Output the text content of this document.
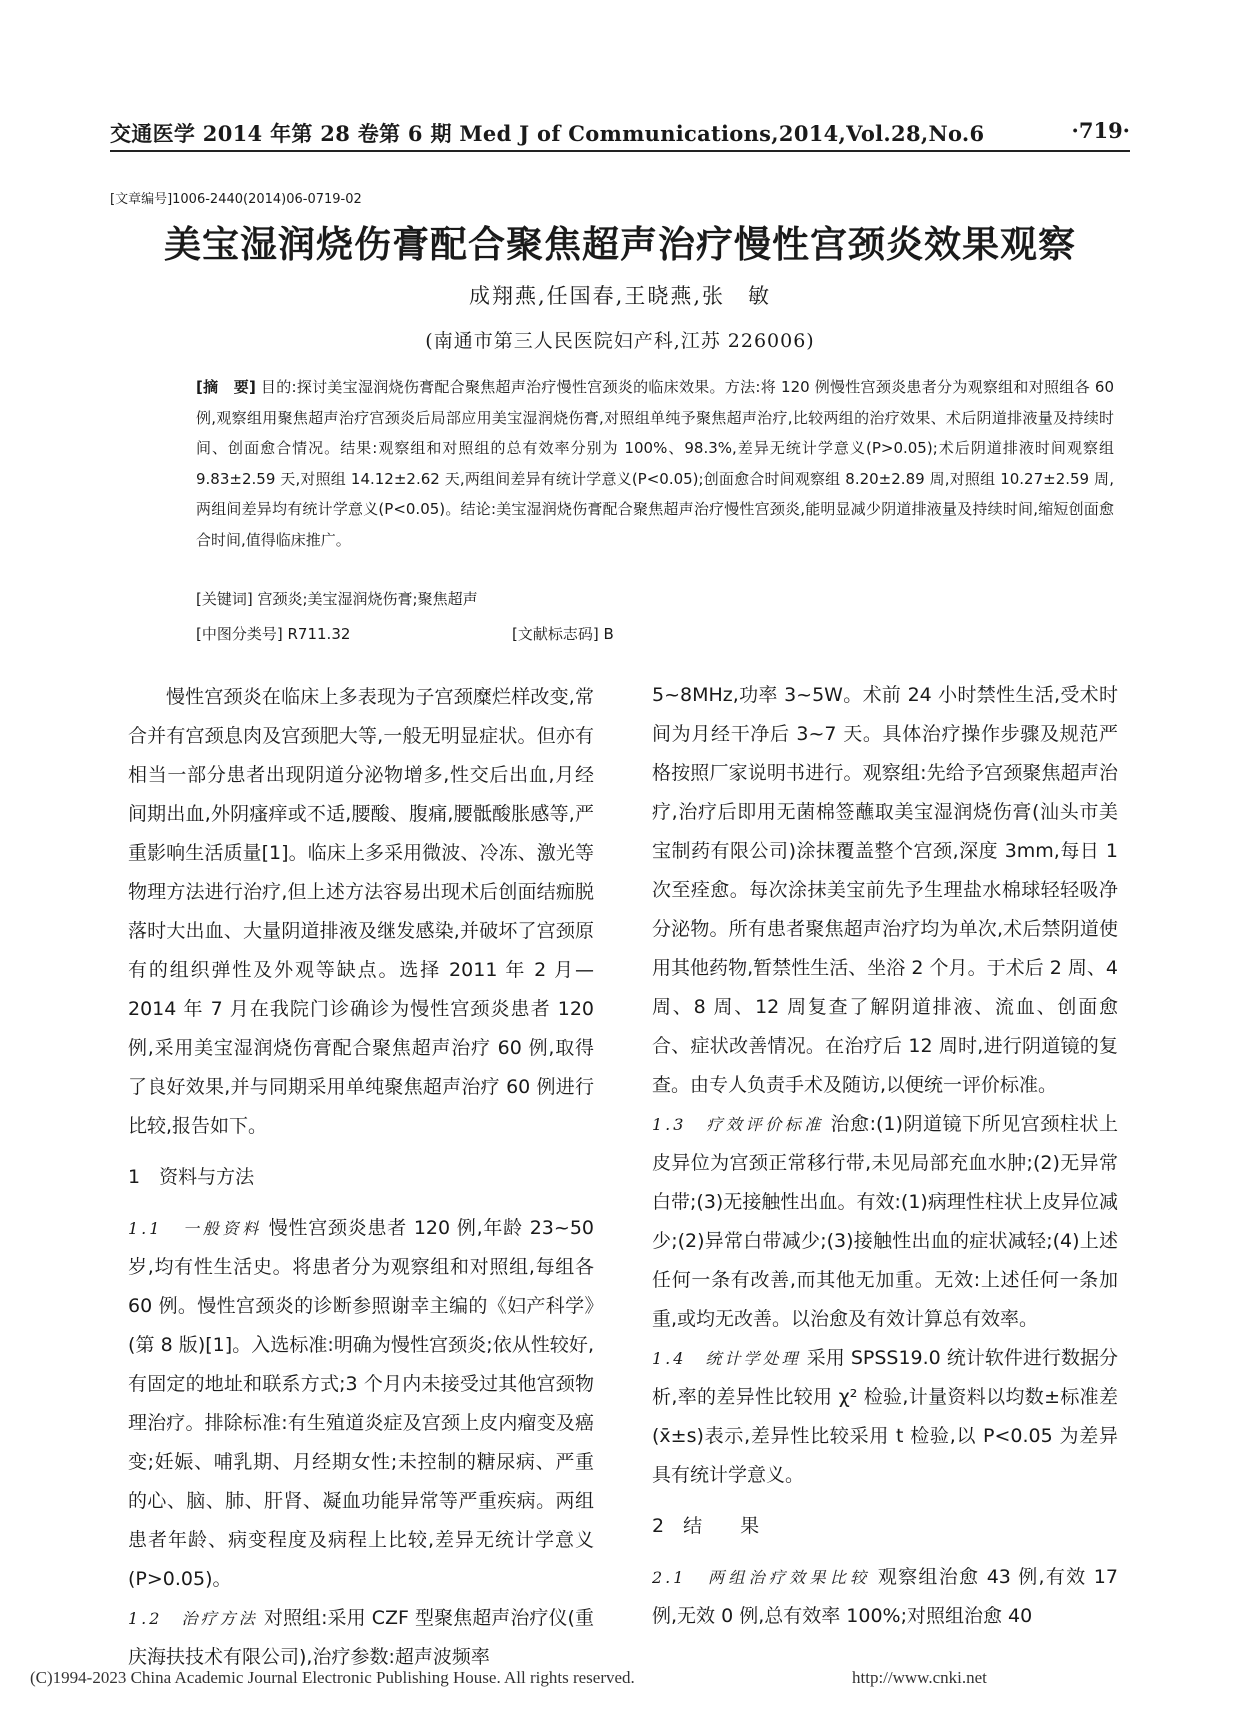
交通医学 2014 年第 28 卷第 6 期 Med J of Communications,2014,Vol.28,No.6	·719·
[文章编号]1006-2440(2014)06-0719-02
美宝湿润烧伤膏配合聚焦超声治疗慢性宫颈炎效果观察
成翔燕,任国春,王晓燕,张　敏
(南通市第三人民医院妇产科,江苏 226006)
[摘　要] 目的:探讨美宝湿润烧伤膏配合聚焦超声治疗慢性宫颈炎的临床效果。方法:将 120 例慢性宫颈炎患者分为观察组和对照组各 60 例,观察组用聚焦超声治疗宫颈炎后局部应用美宝湿润烧伤膏,对照组单纯予聚焦超声治疗,比较两组的治疗效果、术后阴道排液量及持续时间、创面愈合情况。结果:观察组和对照组的总有效率分别为 100%、98.3%,差异无统计学意义(P>0.05);术后阴道排液时间观察组 9.83±2.59 天,对照组 14.12±2.62 天,两组间差异有统计学意义(P<0.05);创面愈合时间观察组 8.20±2.89 周,对照组 10.27±2.59 周,两组间差异均有统计学意义(P<0.05)。结论:美宝湿润烧伤膏配合聚焦超声治疗慢性宫颈炎,能明显减少阴道排液量及持续时间,缩短创面愈合时间,值得临床推广。
[关键词] 宫颈炎;美宝湿润烧伤膏;聚焦超声
[中图分类号] R711.32	[文献标志码] B

慢性宫颈炎在临床上多表现为子宫颈糜烂样改变,常合并有宫颈息肉及宫颈肥大等,一般无明显症状。但亦有相当一部分患者出现阴道分泌物增多,性交后出血,月经间期出血,外阴瘙痒或不适,腰酸、腹痛,腰骶酸胀感等,严重影响生活质量[1]。临床上多采用微波、冷冻、激光等物理方法进行治疗,但上述方法容易出现术后创面结痂脱落时大出血、大量阴道排液及继发感染,并破坏了宫颈原有的组织弹性及外观等缺点。选择 2011 年 2 月—2014 年 7 月在我院门诊确诊为慢性宫颈炎患者 120 例,采用美宝湿润烧伤膏配合聚焦超声治疗 60 例,取得了良好效果,并与同期采用单纯聚焦超声治疗 60 例进行比较,报告如下。

1　资料与方法

1.1　一般资料 慢性宫颈炎患者 120 例,年龄 23~50 岁,均有性生活史。将患者分为观察组和对照组,每组各 60 例。慢性宫颈炎的诊断参照谢幸主编的《妇产科学》(第 8 版)[1]。入选标准:明确为慢性宫颈炎;依从性较好,有固定的地址和联系方式;3 个月内未接受过其他宫颈物理治疗。排除标准:有生殖道炎症及宫颈上皮内瘤变及癌变;妊娠、哺乳期、月经期女性;未控制的糖尿病、严重的心、脑、肺、肝肾、凝血功能异常等严重疾病。两组患者年龄、病变程度及病程上比较,差异无统计学意义(P>0.05)。

1.2　治疗方法 对照组:采用 CZF 型聚焦超声治疗仪(重庆海扶技术有限公司),治疗参数:超声波频率

5~8MHz,功率 3~5W。术前 24 小时禁性生活,受术时间为月经干净后 3~7 天。具体治疗操作步骤及规范严格按照厂家说明书进行。观察组:先给予宫颈聚焦超声治疗,治疗后即用无菌棉签蘸取美宝湿润烧伤膏(汕头市美宝制药有限公司)涂抹覆盖整个宫颈,深度 3mm,每日 1 次至痊愈。每次涂抹美宝前先予生理盐水棉球轻轻吸净分泌物。所有患者聚焦超声治疗均为单次,术后禁阴道使用其他药物,暂禁性生活、坐浴 2 个月。于术后 2 周、4 周、8 周、12 周复查了解阴道排液、流血、创面愈合、症状改善情况。在治疗后 12 周时,进行阴道镜的复查。由专人负责手术及随访,以便统一评价标准。

1.3　疗效评价标准 治愈:(1)阴道镜下所见宫颈柱状上皮异位为宫颈正常移行带,未见局部充血水肿;(2)无异常白带;(3)无接触性出血。有效:(1)病理性柱状上皮异位减少;(2)异常白带减少;(3)接触性出血的症状减轻;(4)上述任何一条有改善,而其他无加重。无效:上述任何一条加重,或均无改善。以治愈及有效计算总有效率。

1.4　统计学处理 采用 SPSS19.0 统计软件进行数据分析,率的差异性比较用 χ² 检验,计量资料以均数±标准差(x̄±s)表示,差异性比较采用 t 检验,以 P<0.05 为差异具有统计学意义。

2　结　　果

2.1　两组治疗效果比较 观察组治愈 43 例,有效 17 例,无效 0 例,总有效率 100%;对照组治愈 40

(C)1994-2023 China Academic Journal Electronic Publishing House. All rights reserved.	http://www.cnki.net
